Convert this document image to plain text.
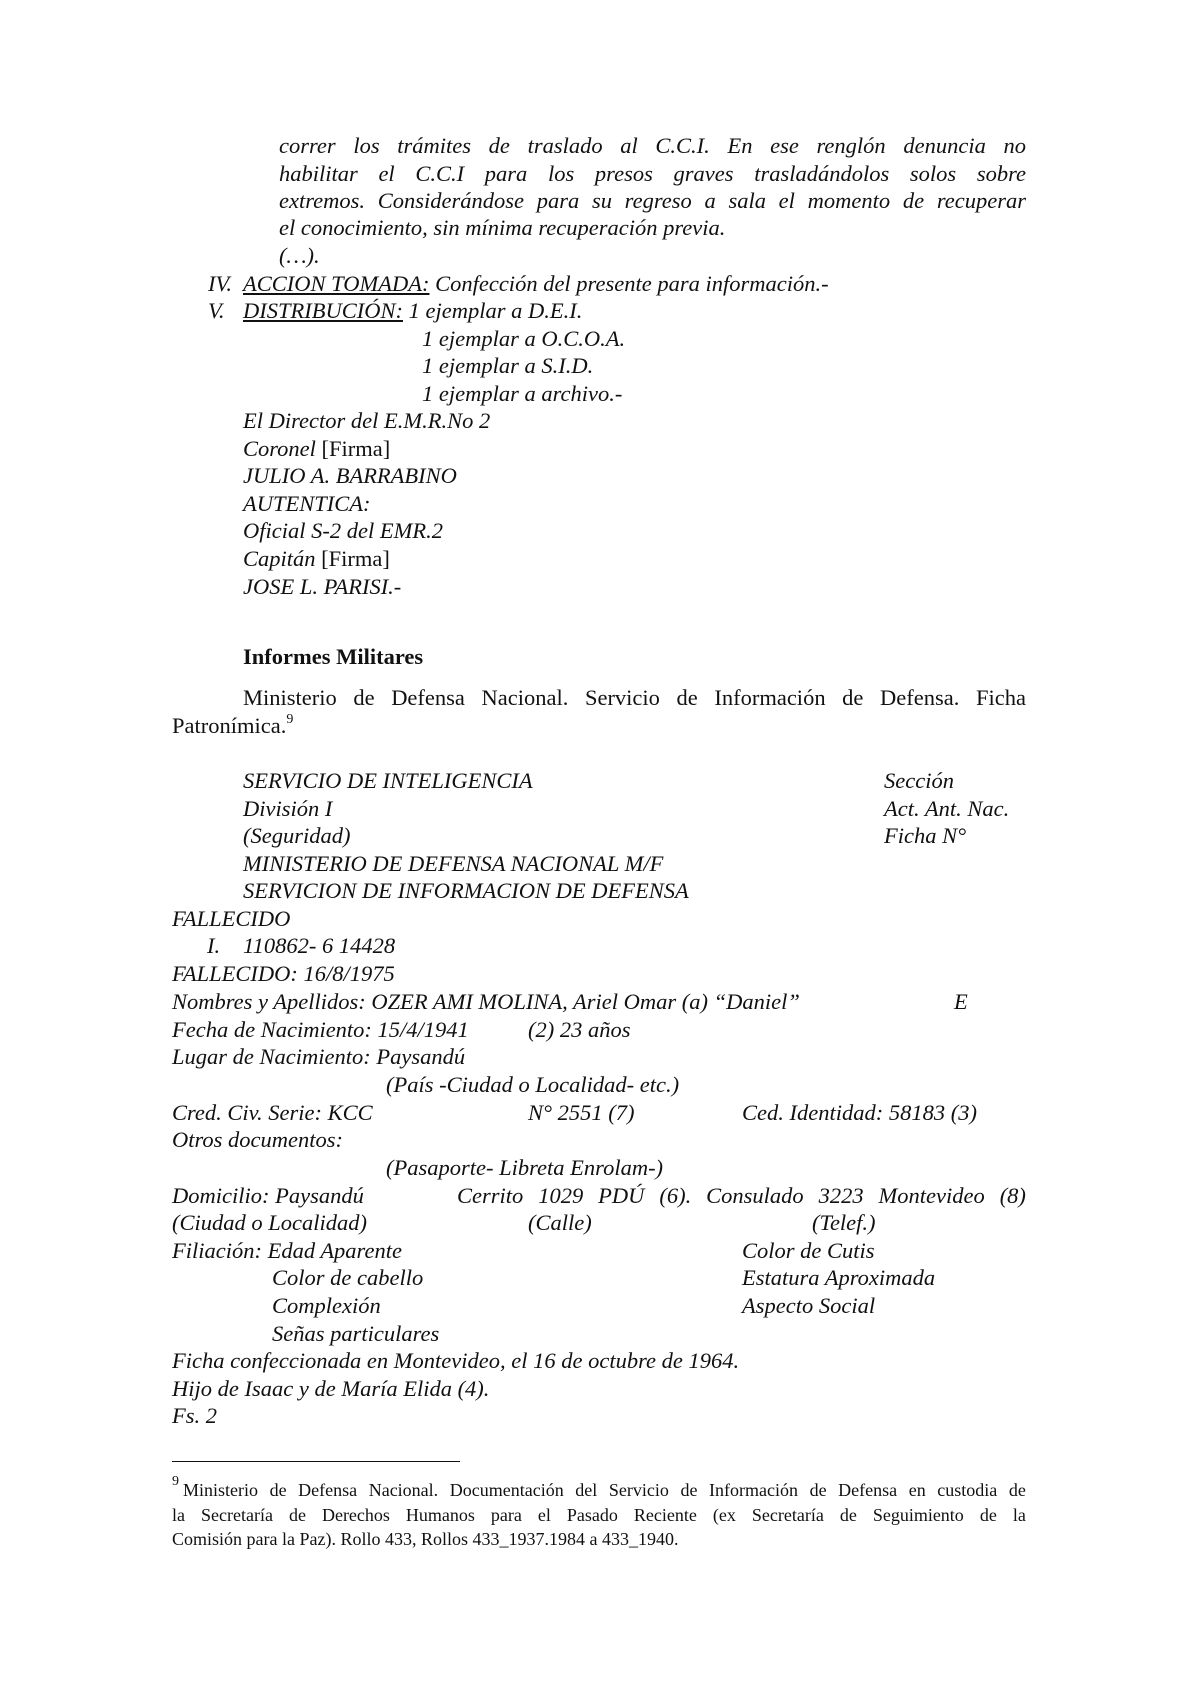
correr los trámites de traslado al C.C.I. En ese renglón denuncia no
habilitar el C.C.I para los presos graves trasladándolos solos sobre
extremos. Considerándose para su regreso a sala el momento de recuperar
el conocimiento, sin mínima recuperación previa.
(…).
IV. ACCION TOMADA: Confección del presente para información.-
V. DISTRIBUCIÓN: 1 ejemplar a D.E.I.
1 ejemplar a O.C.O.A.
1 ejemplar a S.I.D.
1 ejemplar a archivo.-
El Director del E.M.R.No 2
Coronel [Firma]
JULIO A. BARRABINO
AUTENTICA:
Oficial S-2 del EMR.2
Capitán [Firma]
JOSE L. PARISI.-
Informes Militares
Ministerio de Defensa Nacional. Servicio de Información de Defensa. Ficha
Patronímica.$^9$
SERVICIO DE INTELIGENCIA	Sección
División I	Act. Ant. Nac.
(Seguridad)	Ficha N°
MINISTERIO DE DEFENSA NACIONAL M/F
SERVICION DE INFORMACION DE DEFENSA
FALLECIDO
I. 110862- 6 14428
FALLECIDO: 16/8/1975
Nombres y Apellidos: OZER AMI MOLINA, Ariel Omar (a) “Daniel”	E
Fecha de Nacimiento: 15/4/1941	(2) 23 años
Lugar de Nacimiento: Paysandú
(País -Ciudad o Localidad- etc.)
Cred. Civ. Serie: KCC	N° 2551 (7)	Ced. Identidad: 58183 (3)
Otros documentos:
(Pasaporte- Libreta Enrolam-)
Domicilio: Paysandú	Cerrito 1029 PDÚ (6). Consulado 3223 Montevideo (8)
(Ciudad o Localidad)	(Calle)	(Telef.)
Filiación: Edad Aparente	Color de Cutis
Color de cabello	Estatura Aproximada
Complexión	Aspecto Social
Señas particulares
Ficha confeccionada en Montevideo, el 16 de octubre de 1964.
Hijo de Isaac y de María Elida (4).
Fs. 2
9 Ministerio de Defensa Nacional. Documentación del Servicio de Información de Defensa en custodia de
la Secretaría de Derechos Humanos para el Pasado Reciente (ex Secretaría de Seguimiento de la
Comisión para la Paz). Rollo 433, Rollos 433_1937.1984 a 433_1940.
